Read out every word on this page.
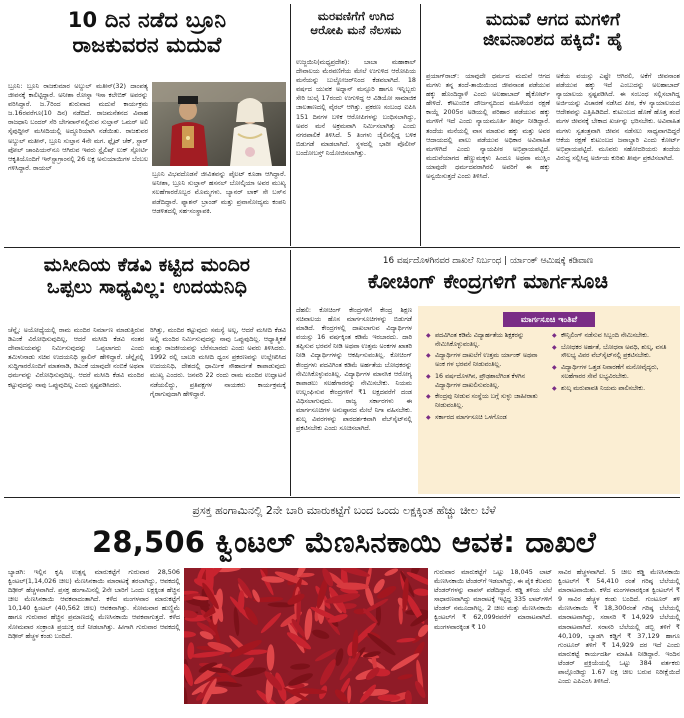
10 ದಿನ ನಡೆದ ಬ್ರೂನಿ
ರಾಜಕುವರನ ಮದುವೆ
ಬ್ರೂನಿ: ಬ್ರೂನಿ ರಾಜಕುಮಾರ ಅಬ್ದುಲ್ ಮತೀನ್(32) ದಾಂಪತ್ಯ ಜೀವನಕ್ಕೆ ಕಾಲಿಟ್ಟಿದ್ದಾರೆ. ಅನೀಶಾ ರೋಸ್ನಾ ಇಸಾ ಕಲೇಬಿಕ್ ಅವರನ್ನು ವರಿಸಿದ್ದಾರೆ. ಜ.7ರಿಂದ ಶುರುವಾದ ಮದುವೆ ಕಾರ್ಯಕ್ರಮ ಜ.16ರವರೆಗೂ(10 ದಿನ) ನಡೆದಿದೆ. ರಾಜಮನೆತನದ ವಿವಾಹ ರಾಜಧಾನಿ ಬಂದರ್ ಸೆರಿ ಬೇಗವಾನ್‌ನಲ್ಲಿರುವ ಸುಲ್ತಾನ್ ಒಮರ್ ಅಲಿ ಸೈಪುದ್ದೀನ್ ಮಸೀದಿಯಲ್ಲಿ ಅದ್ದೂರಿಯಾಗಿ ನಡೆಯಿತು. ರಾಜಕುವರ ಅಬ್ದುಲ್ ಮತೀನ್, ಬ್ರೂನಿ ಸುಲ್ತಾನ 4ನೇ ಮಗ. ಫ್ಲೈಟ್ ಚೆಕ್, ಸ್ಟಾರ್ ಪೋಲ್ ಚಾಂಪಿಯನ್‌ನೂ ಆಗಿರುವ ಇವರು ಸ್ಟೈಲಿಷ್ ಲುಕ್ ಸ್ಪೋರ್ಟಿ ಆಕೃತಿಯೊಂದಿಗೆ ಇನ್‌ಸ್ಟಾಗ್ರಾಂನಲ್ಲಿ 26 ಲಕ್ಷ ಅನುಯಾಯಿಗಳ ಬೆಂಬಲ ಗಳಿಸಿದ್ದಾರೆ. ರಾಯಲ್
ಬ್ರೂನಿ ವಿಭವದೊಡನೆ ಜೀವಿತವನ್ನು ಪೈಲಟ್ ಕೂಡಾ ಆಗಿದ್ದಾರೆ. ಅನೀಶಾ, ಬ್ರೂನಿ ಸುಲ್ತಾನ್ ಹಸನಲ್ ಬೋಲ್ಕಿಯಾ ಅವರ ಮುಖ್ಯ ಸಲಹೆಗಾರರೊಬ್ಬರ ಮೊಮ್ಮಗಳು. ಬ್ಯಾನರ್ ಲಾಕ್ ಸೇ ಬಸ್‌ನ ಪಡೆದಿದ್ದಾರೆ. ಫ್ಯಾಶನ್ ಬ್ರಾಂಡ್ ಮತ್ತು ಪ್ರವಾಸೋದ್ಯಮ ಕಂಪನಿ ಆಡಳಿತದಲ್ಲಿ ಸಹ-ಸಂಸ್ಥಾಪಕಿ.
ಮರವಣಿಗೆಗೆ ಉಗಿದ
ಆರೋಪಿ ಮನೆ ನೆಲಸಮ
ಉಜ್ಜಯಿನಿ(ಮಧ್ಯಪ್ರದೇಶ): ಬಾಬಾ ಮಹಾಕಾಲ್ ದೇವಾಲಯ ಮೆರವಣಿಗೆಯ ಮೇಲೆ ಉಗುಳಿದ ಆರೋಪಿಯ ಮನೆಯನ್ನು ಬುಲ್ಡೋಜರ್‌ನಿಂದ ಕೆಡವಲಾಗಿದೆ. 18 ವರ್ಷದ ಯುವಕ ಅದ್ನಾನ್ ಮನ್ಸೂರಿ ಹಾಗೂ ಇನ್ನಿಬ್ಬರು ಸೇರಿ ಜುಲೈ 17ರಂದು ಉಗುಳಿದ್ದ ಆ ವಿಡಿಯೋ ಸಾಮಾಜಿಕ ಜಾಲತಾಣದಲ್ಲಿ ವೈರಲ್ ಆಗಿತ್ತು. ಪ್ರಕರಣ ಸಂಬಂಧ ಐಪಿಸಿ 151 ದಿನಗಳ ಬಳಿಕ ಆರೋಪಿಗಳನ್ನು ಬಂಧಿಸಲಾಗಿದ್ದು, ಅವರ ಮನೆ ಅಕ್ರಮವಾಗಿ ನಿರ್ಮಿಸಲಾಗಿತ್ತು ಎಂದು ನಗರಪಾಲಿಕೆ ತಿಳಿಸಿದೆ. 5 ತಿಂಗಳು ಜೈಲಿನಲ್ಲಿದ್ದ ಬಳಿಕ ಬಿಡುಗಡೆ ಮಾಡಲಾಗಿದೆ. ಸ್ಥಳದಲ್ಲಿ ಭಾರೀ ಪೊಲೀಸ್ ಬಂದೋಬಸ್ತ್ ನಿಯೋಜಿಸಲಾಗಿತ್ತು.
ಮದುವೆ ಆಗದ ಮಗಳಿಗೆ
ಜೀವನಾಂಶದ ಹಕ್ಕಿದೆ: ಹೈ
ಪ್ರಯಾಗ್‌ರಾಜ್: ಯಾವುದೇ ಧರ್ಮದ ಮದುವೆ ಆಗದ ಮಗಳು ತನ್ನ ತಂದೆ-ತಾಯಿಯಿಂದ ಜೀವನಾಂಶ ಪಡೆಯುವ ಹಕ್ಕು ಹೊಂದಿದ್ದಾಳೆ ಎಂದು ಅಲಹಾಬಾದ್ ಹೈಕೋರ್ಟ್ ಹೇಳಿದೆ. ಕೌಟುಂಬಿಕ ದೌರ್ಜನ್ಯದಿಂದ ಮಹಿಳೆಯರ ರಕ್ಷಣೆ ಕಾಯ್ದೆ 2005ರ ಅಡಿಯಲ್ಲಿ ಪರಿಹಾರ ಪಡೆಯುವ ಹಕ್ಕು ಮಗಳಿಗೆ ಇದೆ ಎಂದು ನ್ಯಾಯಮೂರ್ತಿ ತೀರ್ಪು ನೀಡಿದ್ದಾರೆ. ತಂದೆಯ ಮನೆಯಲ್ಲಿ ವಾಸ ಮಾಡುವ ಹಕ್ಕು ಮತ್ತು ಅವರ ಆದಾಯದಲ್ಲಿ ಪಾಲು ಪಡೆಯುವ ಅಧಿಕಾರ ಅವಿವಾಹಿತ ಮಗಳಿಗಿದೆ ಎಂದು ನ್ಯಾಯಪೀಠ ಅಭಿಪ್ರಾಯಪಟ್ಟಿದೆ. ಮದುವೆಯಾಗದ ಹೆಣ್ಣುಮಕ್ಕಳು ಹಿಂದೂ ಅಥವಾ ಮುಸ್ಲಿಂ ಯಾವುದೇ ಧರ್ಮದವರಾಗಿರಲಿ ಅವರಿಗೆ ಈ ಹಕ್ಕು ಅನ್ವಯಿಸುತ್ತದೆ ಎಂದು ತಿಳಿಸಿದೆ.
ಅಕೆಯ ವಯಸ್ಸು ಎಷ್ಟೇ ಆಗಿರಲಿ, ಅಕೆಗೆ ಜೀವನಾಂಶ ಪಡೆಯುವ ಹಕ್ಕು ಇದೆ ಎಂಬುದನ್ನು ಅಲಹಾಬಾದ್ ನ್ಯಾಯಾಲಯ ಸ್ಪಷ್ಟಪಡಿಸಿದೆ. ಈ ಸಂಬಂಧ ಸಲ್ಲಿಸಲಾಗಿದ್ದ ಅರ್ಜಿಯನ್ನು ವಿಚಾರಣೆ ನಡೆಸಿದ ಪೀಠ, ಕೆಳ ನ್ಯಾಯಾಲಯದ ಆದೇಶವನ್ನು ಎತ್ತಿಹಿಡಿದಿದೆ. ಕುಟುಂಬದ ಹೊಣೆ ಹೊತ್ತ ತಂದೆ ಮಗಳ ಜೀವನಕ್ಕೆ ಬೇಕಾದ ಖರ್ಚನ್ನು ಭರಿಸಬೇಕು. ಅವಿವಾಹಿತ ಮಗಳು ಸ್ವತಂತ್ರವಾಗಿ ಜೀವನ ನಡೆಸಲು ಸಾಧ್ಯವಾಗದಿದ್ದರೆ ಆಕೆಯ ರಕ್ಷಣೆ ಕುಟುಂಬದ ಜವಾಬ್ದಾರಿ ಎಂದು ಕೋರ್ಟ್ ಅಭಿಪ್ರಾಯಪಟ್ಟಿದೆ. ಮೂವರು ಸಹೋದರಿಯರು ತಂದೆಯ ವಿರುದ್ಧ ಸಲ್ಲಿಸಿದ್ದ ಅರ್ಜಿಯ ಕುರಿತು ತೀರ್ಪು ಪ್ರಕಟಿಸಲಾಗಿದೆ.
ಮಸೀದಿಯ ಕೆಡವಿ ಕಟ್ಟಿದ ಮಂದಿರ
ಒಪ್ಪಲು ಸಾಧ್ಯವಿಲ್ಲ: ಉದಯನಿಧಿ
ಚೆನ್ನೈ: ಅಯೋಧ್ಯೆಯಲ್ಲಿ ರಾಮ ಮಂದಿರ ನಿರ್ಮಾಣ ಮಾಡುತ್ತಿರುವ ಡಿಎಂಕೆ ವಿರೋಧಿಸುವುದಿಲ್ಲ, ಆದರೆ ಮಸೀದಿ ಕೆಡವಿ ನಂತರ ದೇವಾಲಯವನ್ನು ನಿರ್ಮಿಸುವುದನ್ನು ಒಪ್ಪಲಾಗದು ಎಂದು ತಮಿಳುನಾಡು ಸಚಿವ ಉದಯನಿಧಿ ಸ್ಟಾಲಿನ್ ಹೇಳಿದ್ದಾರೆ. ಚೆನ್ನೈನಲ್ಲಿ ಸುದ್ದಿಗಾರರೊಂದಿಗೆ ಮಾತನಾಡಿ, ಡಿಎಂಕೆ ಯಾವುದೇ ನಂಬಿಕೆ ಅಥವಾ ಧರ್ಮವನ್ನು ವಿರೋಧಿಸುವುದಿಲ್ಲ. ಆದರೆ ಮಸೀದಿ ಕೆಡವಿ ಮಂದಿರ ಕಟ್ಟುವುದನ್ನು ನಾವು ಒಪ್ಪುವುದಿಲ್ಲ ಎಂದು ಸ್ಪಷ್ಟಪಡಿಸಿದರು.
ರಿಗಿತ್ತು, ಮಂದಿರ ಕಟ್ಟುವುದು ಸಮಸ್ಯೆ ಅಲ್ಲ, ಆದರೆ ಮಸೀದಿ ಕೆಡವಿ ಅಲ್ಲಿ ಮಂದಿರ ನಿರ್ಮಿಸುವುದನ್ನು ನಾವು ಒಪ್ಪುವುದಿಲ್ಲ. ಆಧ್ಯಾತ್ಮಿಕತೆ ಮತ್ತು ರಾಜಕೀಯವನ್ನು ಬೆರೆಸಬಾರದು ಎಂದು ಅವರು ತಿಳಿಸಿದರು. 1992 ರಲ್ಲಿ ಬಾಬರಿ ಮಸೀದಿ ಧ್ವಂಸ ಪ್ರಕರಣವನ್ನು ಉಲ್ಲೇಖಿಸಿದ ಉದಯನಿಧಿ, ದೇಶದಲ್ಲಿ ಧಾರ್ಮಿಕ ಸೌಹಾರ್ದತೆ ಕಾಪಾಡುವುದು ಮುಖ್ಯ ಎಂದರು. ಜನವರಿ 22 ರಂದು ರಾಮ ಮಂದಿರ ಉದ್ಘಾಟನೆ ನಡೆಯಲಿದ್ದು, ಪ್ರತಿಪಕ್ಷಗಳ ನಾಯಕರು ಕಾರ್ಯಕ್ರಮಕ್ಕೆ ಗೈರಾಗುವುದಾಗಿ ಹೇಳಿದ್ದಾರೆ.
16 ವರ್ಷದೊಳಗಿನವರ ದಾಖಲೆ ನಿರ್ಬಂಧ | ರ್ಯಾಂಕ್ ಆಮಿಷಕ್ಕೆ ಕಡಿವಾಣ
ಕೋಚಿಂಗ್ ಕೇಂದ್ರಗಳಿಗೆ ಮಾರ್ಗಸೂಚಿ
ದೆಹಲಿ: ಕೋಚಿಂಗ್ ಕೇಂದ್ರಗಳಿಗೆ ಕೇಂದ್ರ ಶಿಕ್ಷಣ ಸಚಿವಾಲಯ ಹೊಸ ಮಾರ್ಗಸೂಚಿಗಳನ್ನು ಬಿಡುಗಡೆ ಮಾಡಿದೆ. ಕೇಂದ್ರಗಳಲ್ಲಿ ದಾಖಲಾಗುವ ವಿದ್ಯಾರ್ಥಿಗಳ ವಯಸ್ಸು 16 ವರ್ಷಕ್ಕಿಂತ ಕಡಿಮೆ ಇರಬಾರದು. ದಾರಿ ತಪ್ಪಿಸುವ ಭರವಸೆ ನೀಡಿ ಅಥವಾ ಉತ್ತಮ ಅಂಕಗಳ ಖಾತರಿ ನೀಡಿ ವಿದ್ಯಾರ್ಥಿಗಳನ್ನು ಆಕರ್ಷಿಸುವಂತಿಲ್ಲ. ಕೋಚಿಂಗ್ ಕೇಂದ್ರಗಳು ಪದವಿಗಿಂತ ಕಡಿಮೆ ಅರ್ಹತೆಯ ಬೋಧಕರನ್ನು ನೇಮಿಸಿಕೊಳ್ಳುವಂತಿಲ್ಲ. ವಿದ್ಯಾರ್ಥಿಗಳ ಮಾನಸಿಕ ಆರೋಗ್ಯ ಕಾಪಾಡಲು ಸಲಹೆಗಾರರನ್ನು ನೇಮಿಸಬೇಕು. ನಿಯಮ ಉಲ್ಲಂಘಿಸುವ ಕೇಂದ್ರಗಳಿಗೆ ₹1 ಲಕ್ಷದವರೆಗೆ ದಂಡ ವಿಧಿಸಲಾಗುವುದು. ರಾಜ್ಯ ಸರ್ಕಾರಗಳು ಈ ಮಾರ್ಗಸೂಚಿಗಳ ಅನುಷ್ಠಾನದ ಮೇಲೆ ನಿಗಾ ವಹಿಸಬೇಕು. ಶುಲ್ಕ ವಿವರಗಳನ್ನು ಪಾರದರ್ಶಕವಾಗಿ ವೆಬ್‌ಸೈಟ್‌ನಲ್ಲಿ ಪ್ರಕಟಿಸಬೇಕು ಎಂದು ಸೂಚಿಸಲಾಗಿದೆ.
ಮಾರ್ಗಸೂಚಿ ಇಂತಿವೆ
◆ ಪದವಿಗಿಂತ ಕಡಿಮೆ ವಿದ್ಯಾರ್ಹತೆಯ ಶಿಕ್ಷಕರನ್ನು ನೇಮಿಸಿಕೊಳ್ಳುವಂತಿಲ್ಲ.
◆ ವಿದ್ಯಾರ್ಥಿಗಳ ದಾಖಲೆಗೆ ಉತ್ತಮ ರ್ಯಾಂಕ್ ಅಥವಾ ಅಂಕ ಗಳ ಭರವಸೆ ನೀಡುವಂತಿಲ್ಲ.
◆ 16 ವರ್ಷದೊಳಗಿನ, ಪ್ರೌಢಶಾಲೆಗಿಂತ ಕೆಳಗಿನ ವಿದ್ಯಾರ್ಥಿಗಳ ದಾಖಲಿಸುವಂತಿಲ್ಲ.
◆ ಕೇಂದ್ರವು ನೀಡುವ ಸಂಸ್ಥೆಯ ಬಗ್ಗೆ ಸುಳ್ಳು ಜಾಹೀರಾತು ನೀಡುವಂತಿಲ್ಲ.
◆ ಸರ್ಕಾರದ ಮಾರ್ಗಸೂಚಿ ಒಳಗೊಂಡ
◆ ಕೌನ್ಸಿಲಿಂಗ್ ನಡೆಸುವ ಸಿಬ್ಬಂದಿ ನೇಮಿಸಬೇಕು.
◆ ಬೋಧಕರ ಅರ್ಹತೆ, ಬೋಧನಾ ಅವಧಿ, ಶುಲ್ಕ, ವಸತಿ ಸೌಲಭ್ಯ ವಿವರ ವೆಬ್‌ಸೈಟ್‌ನಲ್ಲಿ ಪ್ರಕಟಿಸಬೇಕು.
◆ ವಿದ್ಯಾರ್ಥಿಗಳ ಒತ್ತಡ ನಿವಾರಣೆಗೆ ಮನೋವೈದ್ಯರು, ಸಲಹೆಗಾರರ ಸೇವೆ ಲಭ್ಯವಿರಬೇಕು.
◆ ಶುಲ್ಕ ಮರುಪಾವತಿ ನಿಯಮ ಪಾಲಿಸಬೇಕು.
ಪ್ರಸಕ್ತ ಹಂಗಾಮಿನಲ್ಲಿ 2ನೇ ಬಾರಿ ಮಾರುಕಟ್ಟೆಗೆ ಬಂದ ಒಂದು ಲಕ್ಷಕ್ಕಿಂತ ಹೆಚ್ಚು ಚೀಲ ಬೆಳೆ
28,506 ಕ್ವಿಂಟಲ್ ಮೆಣಸಿನಕಾಯಿ ಆವಕ: ದಾಖಲೆ
ಬ್ಯಾಡಗಿ: ಇಲ್ಲಿನ ಕೃಷಿ ಉತ್ಪನ್ನ ಮಾರುಕಟ್ಟೆಗೆ ಗುರುವಾರ 28,506 ಕ್ವಿಂಟಲ್(1,14,026 ಚೀಲ) ಮೆಣಸಿನಕಾಯಿ ಮಾರಾಟಕ್ಕೆ ತರಲಾಗಿದ್ದು, ಆವಕದಲ್ಲಿ ದಿಢೀರ್ ಹೆಚ್ಚಳವಾಗಿದೆ. ಪ್ರಸಕ್ತ ಹಂಗಾಮಿನಲ್ಲಿ 2ನೇ ಬಾರಿಗೆ ಒಂದು ಲಕ್ಷಕ್ಕಿಂತ ಹೆಚ್ಚಿನ ಚೀಲ ಮೆಣಸಿನಕಾಯಿ ಆವಕವಾದಂತಾಗಿದೆ. ಕಳೆದ ಮಂಗಳವಾರ ಮಾರುಕಟ್ಟೆಗೆ 10,140 ಕ್ವಿಂಟಲ್ (40,562 ಚೀಲ) ಆವಕವಾಗಿತ್ತು. ಸೋಮವಾರ ಹುಣ್ಣಿಮೆ ಹಾಗೂ ಗುರುವಾರ ಹೆಚ್ಚಿನ ಪ್ರಮಾಣದಲ್ಲಿ ಮೆಣಸಿನಕಾಯಿ ಆವಕವಾಗುತ್ತದೆ. ಕಳೆದ ಸೋಮವಾರ ಸಂಕ್ರಾಂತಿ ಪ್ರಯುಕ್ತ ರಜೆ ನೀಡಲಾಗಿತ್ತು. ಹೀಗಾಗಿ ಗುರುವಾರ ಆವಕದಲ್ಲಿ ದಿಢೀರ್ ಹೆಚ್ಚಳ ಕಂಡು ಬಂದಿದೆ.
ಗುರುವಾರ ಮಾರುಕಟ್ಟೆಗೆ ಒಟ್ಟು 18,045 ಲಾಟ್ ಮೆಣಸಿನಕಾಯಿ ಟೆಂಡರ್‌ಗೆ ಇಡಲಾಗಿದ್ದು, ಈ ಪೈಕಿ ಕೆಲವರು ಟೆಂಡರ್‌ಗಳನ್ನು ವಾಪಸ್ ಪಡೆದಿದ್ದಾರೆ. ಕಡ್ಡಿ ತಳಿಯ ಬೆಲೆ ಸಾಧಾರಣವಾಗಿದ್ದು ಮಾರಾಟಕ್ಕೆ ಇಟ್ಟಿದ್ದ 335 ಲಾಟ್‌ಗಳಿಗೆ ಟೆಂಡರ್ ನಮೂದಾಗಿಲ್ಲ. 2 ಚೀಲ ಮತ್ತು ಮೆಣಸಿನಕಾಯಿ ಕ್ವಿಂಟಲ್‌ಗೆ ₹ 62,099ರವರೆಗೆ ಮಾರಾಟವಾಗಿದೆ. ಮಂಗಳವಾರಕ್ಕಿಂತ ₹ 10
ಸಾವಿರ ಹೆಚ್ಚಳವಾಗಿದೆ. 5 ಚೀಲ ಕಡ್ಡಿ ಮೆಣಸಿನಕಾಯಿ ಕ್ವಿಂಟಲ್‌ಗೆ ₹ 54,410 ರಂತೆ ಗರಿಷ್ಠ ಬೆಲೆಯಲ್ಲಿ ಮಾರಾಟವಾಯಿತು. ಕಳೆದ ಮಂಗಳವಾರಕ್ಕಿಂತ ಕ್ವಿಂಟಲ್‌ಗೆ ₹ 9 ಸಾವಿರ ಹೆಚ್ಚಳ ಕಂಡು ಬಂದಿದೆ. ಗುಂಟೂರ್ ತಳಿ ಮೆಣಸಿನಕಾಯಿ ₹ 18,300ರಂತೆ ಗರಿಷ್ಠ ಬೆಲೆಯಲ್ಲಿ ಮಾರಾಟವಾಗಿದ್ದು, ಸರಾಸರಿ ₹ 14,929 ಬೆಲೆಯಲ್ಲಿ ಮಾರಾಟವಾಗಿದೆ. ಸರಾಸರಿ ಬೆಲೆಯಲ್ಲಿ ಡಬ್ಬಿ ತಳಿಗೆ ₹ 40,109, ಬ್ಯಾಡಗಿ ಕಡ್ಡಿಗೆ ₹ 37,129 ಹಾಗೂ ಗುಂಟೂರ್ ತಳಿಗೆ ₹ 14,929 ದರ ಇದೆ ಎಂದು ಮಾರುಕಟ್ಟೆ ಕಾರ್ಯದರ್ಶಿ ಮಾಹಿತಿ ನೀಡಿದ್ದಾರೆ. ಇಂದಿನ ಟೆಂಡರ್ ಪ್ರಕ್ರಿಯೆಯಲ್ಲಿ ಒಟ್ಟು 384 ವರ್ತಕರು ಪಾಲ್ಗೊಂಡಿದ್ದು 1.67 ಲಕ್ಷ ಚೀಲ ಬರುವ ನಿರೀಕ್ಷೆಯಿದೆ ಎಂದು ಎಪಿಎಂಸಿ ತಿಳಿಸಿದೆ.
